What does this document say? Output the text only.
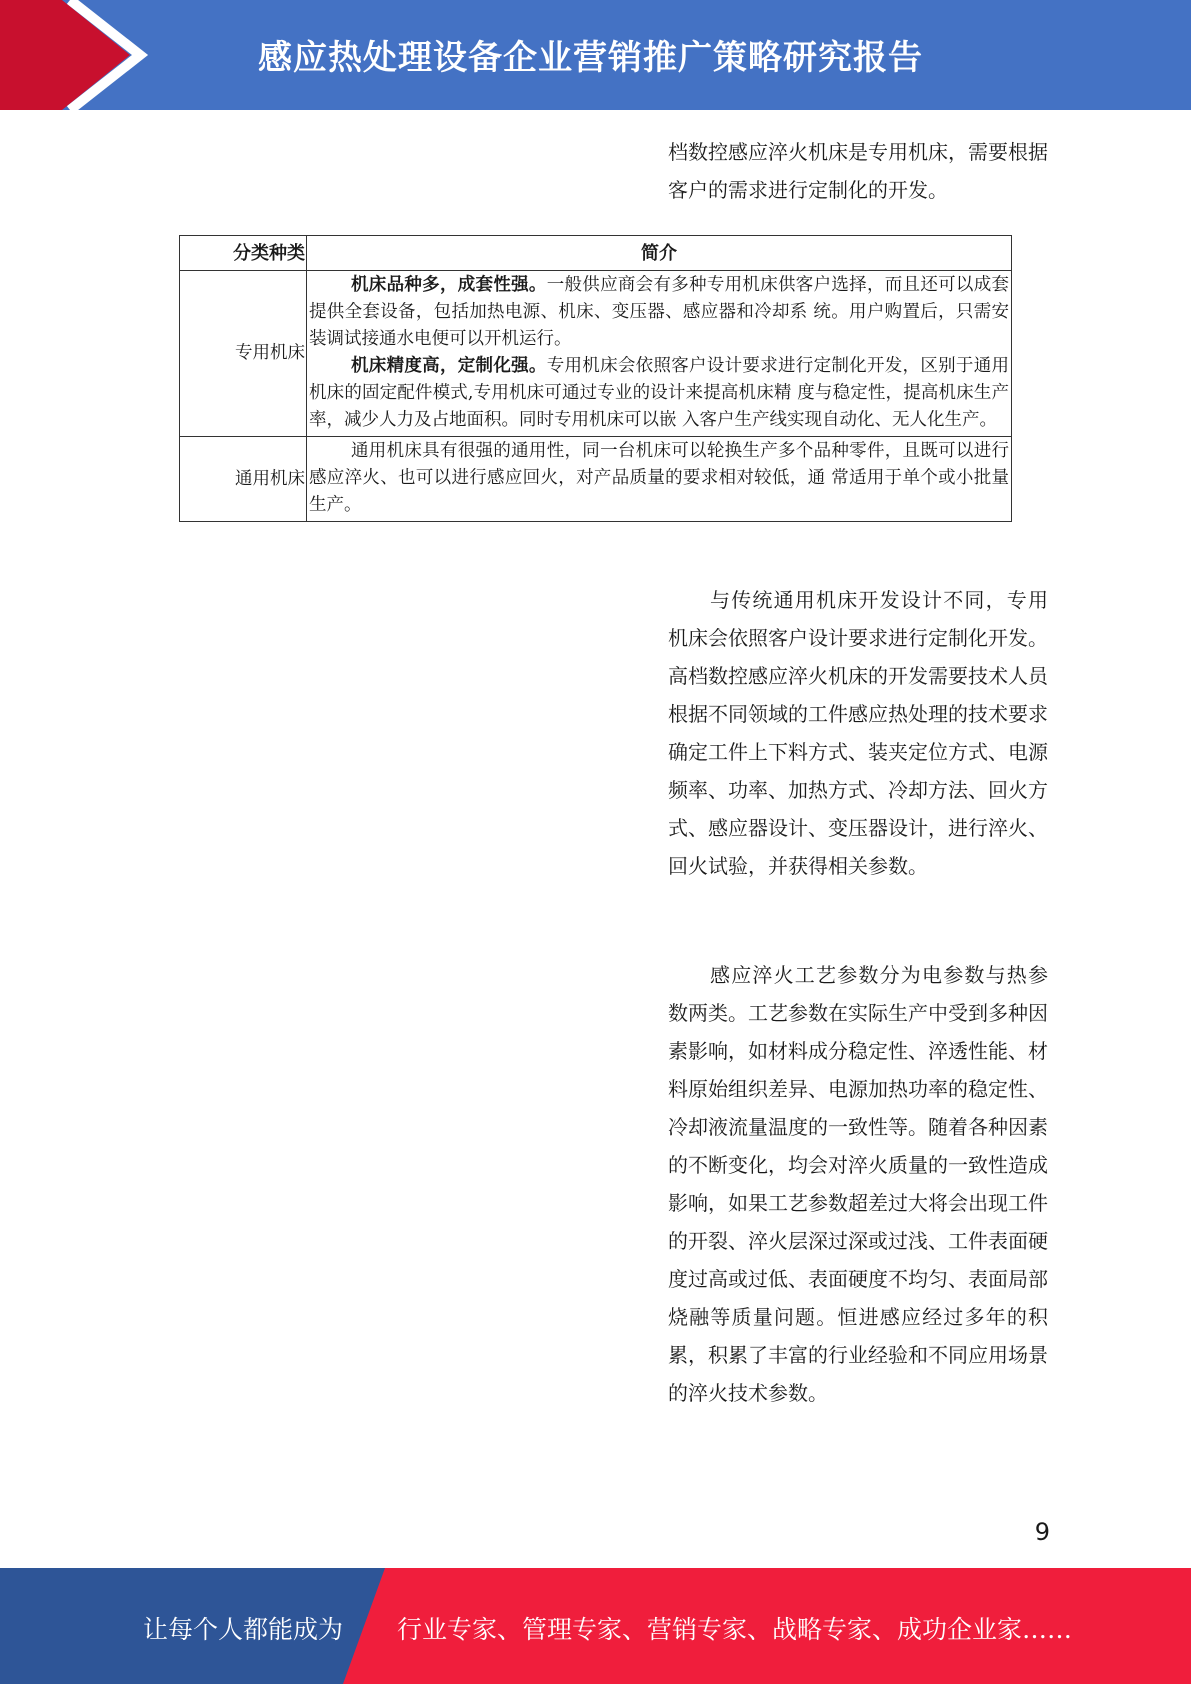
感应热处理设备企业营销推广策略研究报告

档数控感应淬火机床是专用机床，需要根据客户的需求进行定制化的开发。

分类种类	简介
专用机床	机床品种多，成套性强。一般供应商会有多种专用机床供客户选择，而且还可以成套提供全套设备，包括加热电源、机床、变压器、感应器和冷却系 统。用户购置后，只需安装调试接通水电便可以开机运行。

机床精度高，定制化强。专用机床会依照客户设计要求进行定制化开发，区别于通用机床的固定配件模式,专用机床可通过专业的设计来提高机床精 度与稳定性，提高机床生产率，减少人力及占地面积。同时专用机床可以嵌 入客户生产线实现自动化、无人化生产。

通用机床	通用机床具有很强的通用性，同一台机床可以轮换生产多个品种零件，且既可以进行感应淬火、也可以进行感应回火，对产品质量的要求相对较低，通 常适用于单个或小批量生产。

与传统通用机床开发设计不同，专用机床会依照客户设计要求进行定制化开发。高档数控感应淬火机床的开发需要技术人员根据不同领域的工件感应热处理的技术要求确定工件上下料方式、装夹定位方式、电源频率、功率、加热方式、冷却方法、回火方式、感应器设计、变压器设计，进行淬火、回火试验，并获得相关参数。

感应淬火工艺参数分为电参数与热参数两类。工艺参数在实际生产中受到多种因素影响，如材料成分稳定性、淬透性能、材料原始组织差异、电源加热功率的稳定性、冷却液流量温度的一致性等。随着各种因素的不断变化，均会对淬火质量的一致性造成影响，如果工艺参数超差过大将会出现工件的开裂、淬火层深过深或过浅、工件表面硬度过高或过低、表面硬度不均匀、表面局部烧融等质量问题。恒进感应经过多年的积累，积累了丰富的行业经验和不同应用场景的淬火技术参数。

9

让每个人都能成为 行业专家、管理专家、营销专家、战略专家、成功企业家……
